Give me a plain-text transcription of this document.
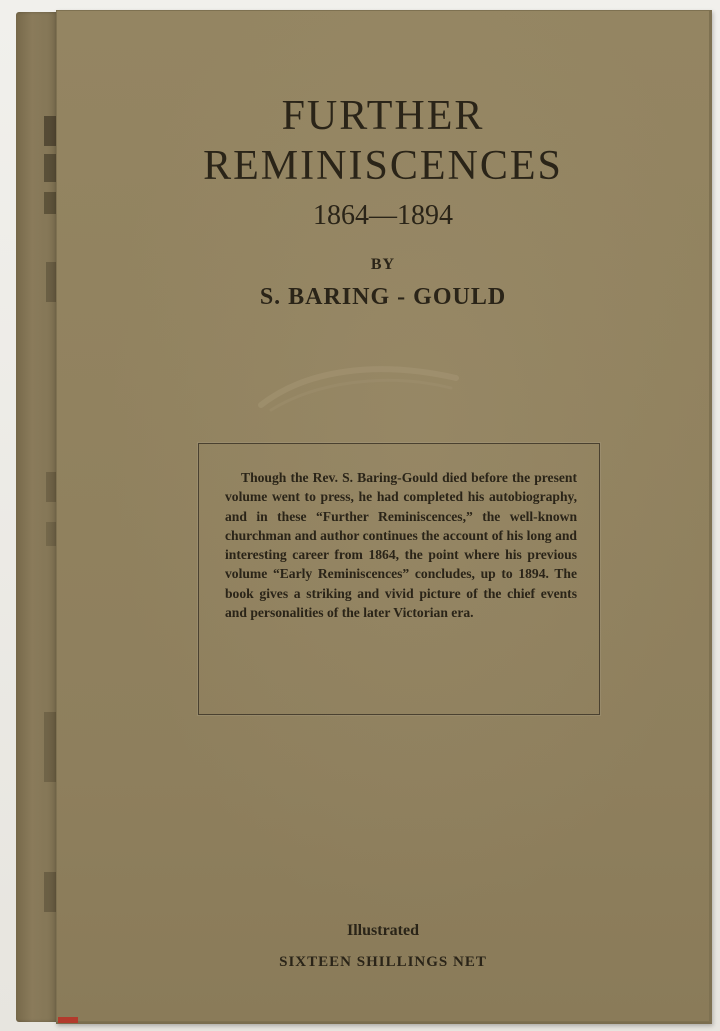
FURTHER
REMINISCENCES
1864—1894
BY
S. BARING - GOULD

Though the Rev. S. Baring-Gould died before the present volume went to press, he had completed his autobiography, and in these “Further Reminiscences,” the well-known churchman and author continues the account of his long and interesting career from 1864, the point where his previous volume “Early Reminiscences” concludes, up to 1894. The book gives a striking and vivid picture of the chief events and personalities of the later Victorian era.

Illustrated
SIXTEEN SHILLINGS NET
